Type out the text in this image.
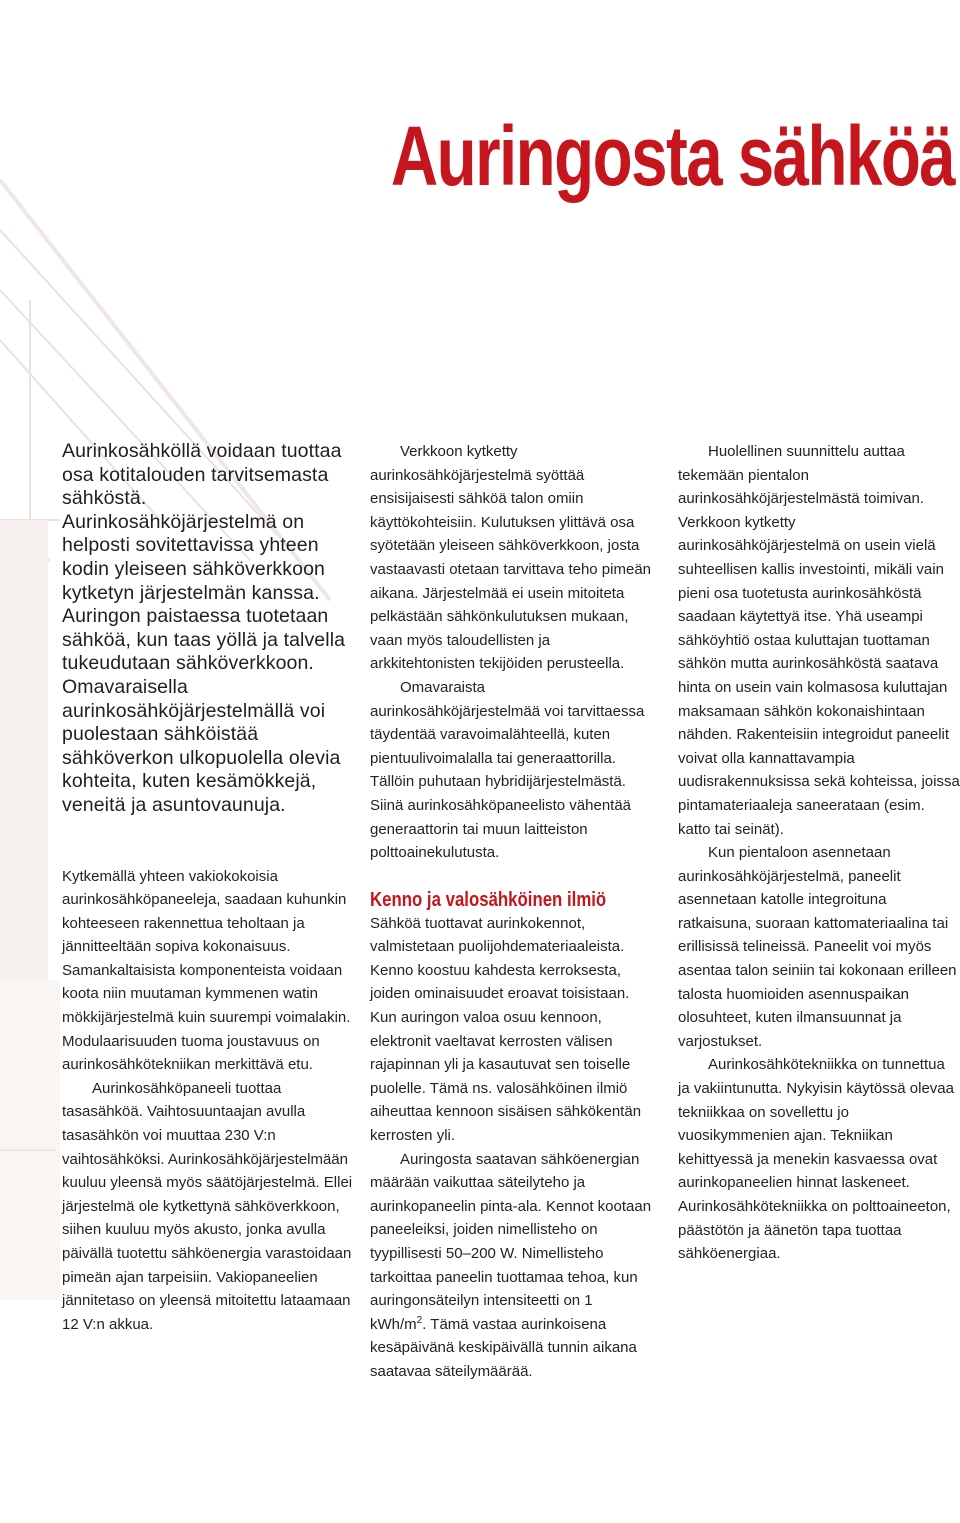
Auringosta sähköä

Aurinkosähköllä voidaan tuottaa osa kotitalouden tarvitsemasta sähköstä. Aurinkosähköjärjestelmä on helposti sovitettavissa yhteen kodin yleiseen sähköverkkoon kytketyn järjestelmän kanssa. Auringon paistaessa tuotetaan sähköä, kun taas yöllä ja talvella tukeudutaan sähköverkkoon. Omavaraisella aurinkosähköjärjestelmällä voi puolestaan sähköistää sähköverkon ulkopuolella olevia kohteita, kuten kesämökkejä, veneitä ja asuntovaunuja.

Kytkemällä yhteen vakiokokoisia aurinkosähköpaneeleja, saadaan kuhunkin kohteeseen rakennettua teholtaan ja jännitteeltään sopiva kokonaisuus. Samankaltaisista komponenteista voidaan koota niin muutaman kymmenen watin mökkijärjestelmä kuin suurempi voimalakin. Modulaarisuuden tuoma joustavuus on aurinkosähkötekniikan merkittävä etu.

Aurinkosähköpaneeli tuottaa tasasähköä. Vaihtosuuntaajan avulla tasasähkön voi muuttaa 230 V:n vaihtosähköksi. Aurinkosähköjärjestelmään kuuluu yleensä myös säätöjärjestelmä. Ellei järjestelmä ole kytkettynä sähköverkkoon, siihen kuuluu myös akusto, jonka avulla päivällä tuotettu sähköenergia varastoidaan pimeän ajan tarpeisiin. Vakiopaneelien jännitetaso on yleensä mitoitettu lataamaan 12 V:n akkua.

Verkkoon kytketty aurinkosähköjärjestelmä syöttää ensisijaisesti sähköä talon omiin käyttökohteisiin. Kulutuksen ylittävä osa syötetään yleiseen sähköverkkoon, josta vastaavasti otetaan tarvittava teho pimeän aikana. Järjestelmää ei usein mitoiteta pelkästään sähkönkulutuksen mukaan, vaan myös taloudellisten ja arkkitehtonisten tekijöiden perusteella.

Omavaraista aurinkosähköjärjestelmää voi tarvittaessa täydentää varavoimalähteellä, kuten pientuulivoimalalla tai generaattorilla. Tällöin puhutaan hybridijärjestelmästä. Siinä aurinkosähköpaneelisto vähentää generaattorin tai muun laitteiston polttoainekulutusta.

Kenno ja valosähköinen ilmiö

Sähköä tuottavat aurinkokennot, valmistetaan puolijohdemateriaaleista. Kenno koostuu kahdesta kerroksesta, joiden ominaisuudet eroavat toisistaan. Kun auringon valoa osuu kennoon, elektronit vaeltavat kerrosten välisen rajapinnan yli ja kasautuvat sen toiselle puolelle. Tämä ns. valosähköinen ilmiö aiheuttaa kennoon sisäisen sähkökentän kerrosten yli.

Auringosta saatavan sähköenergian määrään vaikuttaa säteilyteho ja aurinkopaneelin pinta-ala. Kennot kootaan paneeleiksi, joiden nimellisteho on tyypillisesti 50–200 W. Nimellisteho tarkoittaa paneelin tuottamaa tehoa, kun auringonsäteilyn intensiteetti on 1 kWh/$m^2$. Tämä vastaa aurinkoisena kesäpäivänä keskipäivällä tunnin aikana saatavaa säteilymäärää.

Huolellinen suunnittelu auttaa tekemään pientalon aurinkosähköjärjestelmästä toimivan. Verkkoon kytketty aurinkosähköjärjestelmä on usein vielä suhteellisen kallis investointi, mikäli vain pieni osa tuotetusta aurinkosähköstä saadaan käytettyä itse. Yhä useampi sähköyhtiö ostaa kuluttajan tuottaman sähkön mutta aurinkosähköstä saatava hinta on usein vain kolmasosa kuluttajan maksamaan sähkön kokonaishintaan nähden. Rakenteisiin integroidut paneelit voivat olla kannattavampia uudisrakennuksissa sekä kohteissa, joissa pintamateriaaleja saneerataan (esim. katto tai seinät).

Kun pientaloon asennetaan aurinkosähköjärjestelmä, paneelit asennetaan katolle integroituna ratkaisuna, suoraan kattomateriaalina tai erillisissä telineissä. Paneelit voi myös asentaa talon seiniin tai kokonaan erilleen talosta huomioiden asennuspaikan olosuhteet, kuten ilmansuunnat ja varjostukset.

Aurinkosähkötekniikka on tunnettua ja vakiintunutta. Nykyisin käytössä olevaa tekniikkaa on sovellettu jo vuosikymmenien ajan. Tekniikan kehittyessä ja menekin kasvaessa ovat aurinkopaneelien hinnat laskeneet. Aurinkosähkötekniikka on polttoaineeton, päästötön ja äänetön tapa tuottaa sähköenergiaa.
